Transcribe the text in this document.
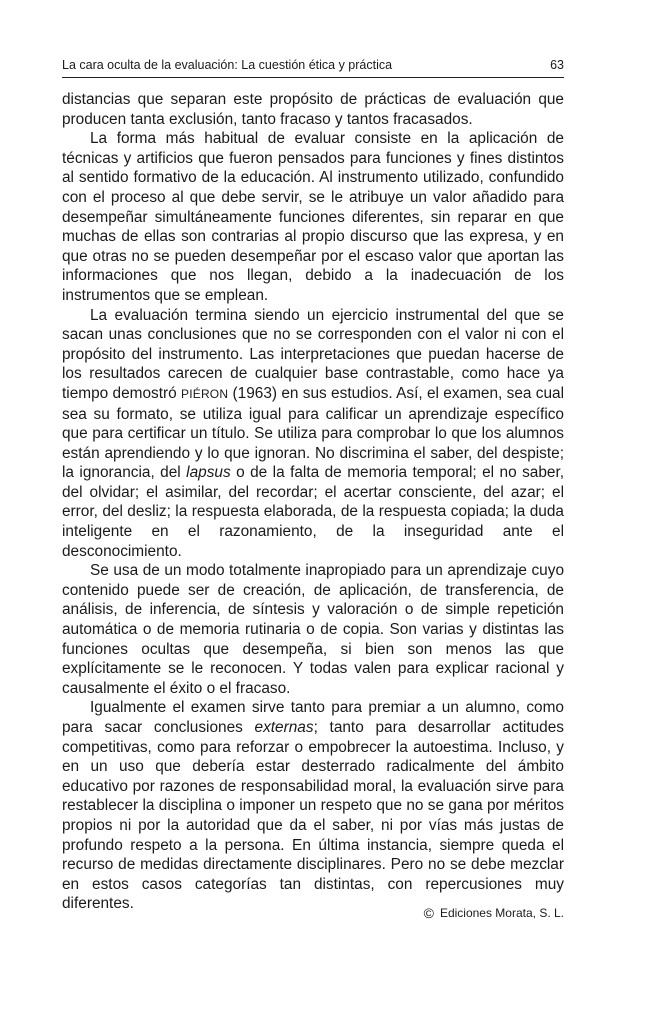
La cara oculta de la evaluación: La cuestión ética y práctica	63

distancias que separan este propósito de prácticas de evaluación que producen tanta exclusión, tanto fracaso y tantos fracasados.

La forma más habitual de evaluar consiste en la aplicación de técnicas y artificios que fueron pensados para funciones y fines distintos al sentido formativo de la educación. Al instrumento utilizado, confundido con el proceso al que debe servir, se le atribuye un valor añadido para desempeñar simultáneamente funciones diferentes, sin reparar en que muchas de ellas son contrarias al propio discurso que las expresa, y en que otras no se pueden desempeñar por el escaso valor que aportan las informaciones que nos llegan, debido a la inadecuación de los instrumentos que se emplean.

La evaluación termina siendo un ejercicio instrumental del que se sacan unas conclusiones que no se corresponden con el valor ni con el propósito del instrumento. Las interpretaciones que puedan hacerse de los resultados carecen de cualquier base contrastable, como hace ya tiempo demostró PIÉRON (1963) en sus estudios. Así, el examen, sea cual sea su formato, se utiliza igual para calificar un aprendizaje específico que para certificar un título. Se utiliza para comprobar lo que los alumnos están aprendiendo y lo que ignoran. No discrimina el saber, del despiste; la ignorancia, del lapsus o de la falta de memoria temporal; el no saber, del olvidar; el asimilar, del recordar; el acertar consciente, del azar; el error, del desliz; la respuesta elaborada, de la respuesta copiada; la duda inteligente en el razonamiento, de la inseguridad ante el desconocimiento.

Se usa de un modo totalmente inapropiado para un aprendizaje cuyo contenido puede ser de creación, de aplicación, de transferencia, de análisis, de inferencia, de síntesis y valoración o de simple repetición automática o de memoria rutinaria o de copia. Son varias y distintas las funciones ocultas que desempeña, si bien son menos las que explícitamente se le reconocen. Y todas valen para explicar racional y causalmente el éxito o el fracaso.

Igualmente el examen sirve tanto para premiar a un alumno, como para sacar conclusiones externas; tanto para desarrollar actitudes competitivas, como para reforzar o empobrecer la autoestima. Incluso, y en un uso que debería estar desterrado radicalmente del ámbito educativo por razones de responsabilidad moral, la evaluación sirve para restablecer la disciplina o imponer un respeto que no se gana por méritos propios ni por la autoridad que da el saber, ni por vías más justas de profundo respeto a la persona. En última instancia, siempre queda el recurso de medidas directamente disciplinares. Pero no se debe mezclar en estos casos categorías tan distintas, con repercusiones muy diferentes.

© Ediciones Morata, S. L.
